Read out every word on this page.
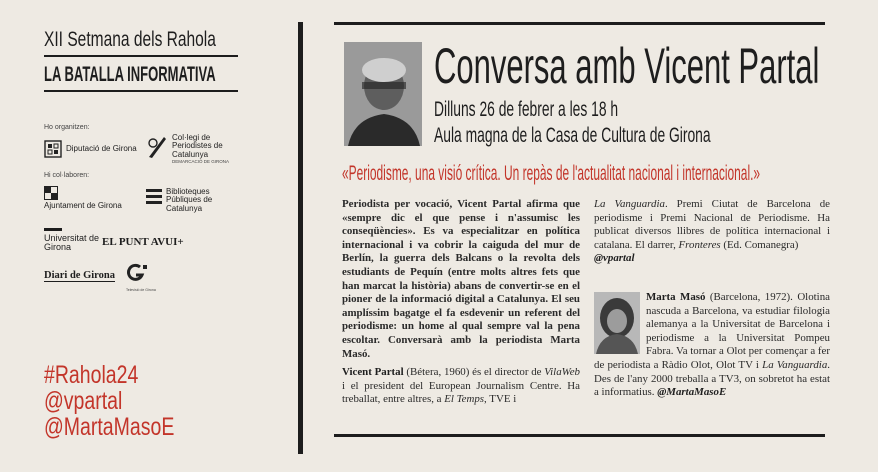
XII Setmana dels Rahola
LA BATALLA INFORMATIVA
Ho organitzen:
Diputació de Girona
Col·legi de Periodistes de Catalunya
DEMARCACIÓ DE GIRONA
Hi col·laboren:
Ajuntament de Girona
Biblioteques Públiques de Catalunya
Universitat de Girona	EL PUNT AVUI+
Diari de Girona
Televisió de Girona
#Rahola24
@vpartal
@MartaMasoE
Conversa amb Vicent Partal
Dilluns 26 de febrer a les 18 h
Aula magna de la Casa de Cultura de Girona
«Periodisme, una visió crítica. Un repàs de l'actualitat nacional i internacional.»

Periodista per vocació, Vicent Partal afirma que «sempre dic el que pense i n'assumisc les conseqüències». Es va especialitzar en política internacional i va cobrir la caiguda del mur de Berlín, la guerra dels Balcans o la revolta dels estudiants de Pequín (entre molts altres fets que han marcat la història) abans de convertir-se en el pioner de la informació digital a Catalunya. El seu amplíssim bagatge el fa esdevenir un referent del periodisme: un home al qual sempre val la pena escoltar. Conversarà amb la periodista Marta Masó.

Vicent Partal (Bétera, 1960) és el director de VilaWeb i el president del European Journalism Centre. Ha treballat, entre altres, a El Temps, TVE i

La Vanguardia. Premi Ciutat de Barcelona de periodisme i Premi Nacional de Periodisme. Ha publicat diversos llibres de política internacional i catalana. El darrer, Fronteres (Ed. Comanegra)
@vpartal

Marta Masó (Barcelona, 1972). Olotina nascuda a Barcelona, va estudiar filologia alemanya a la Universitat de Barcelona i periodisme a la Universitat Pompeu Fabra. Va tornar a Olot per començar a fer de periodista a Ràdio Olot, Olot TV i La Vanguardia. Des de l'any 2000 treballa a TV3, on sobretot ha estat a informatius. @MartaMasoE
